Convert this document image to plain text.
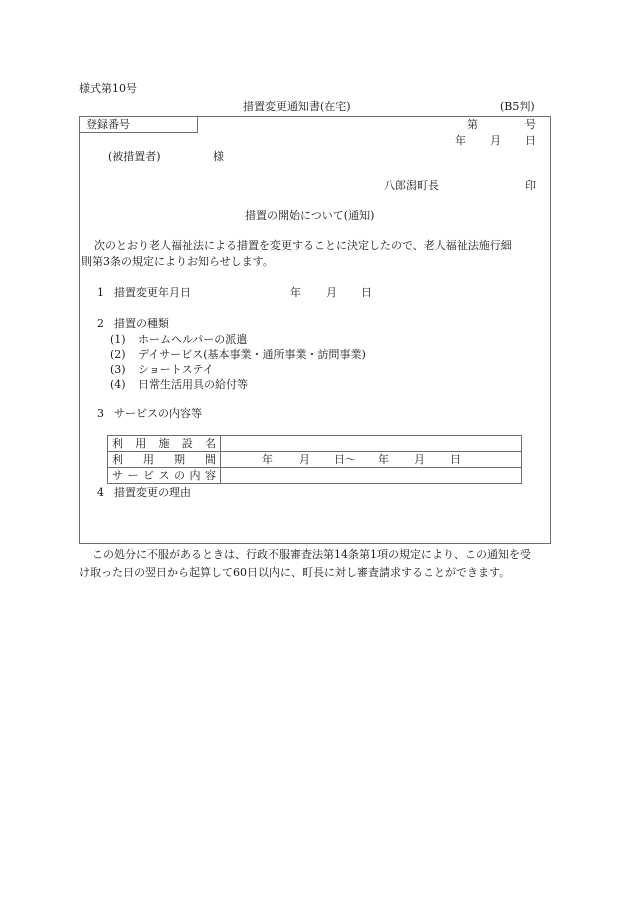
様式第10号
措置変更通知書(在宅)	(B5判)
登録番号	第	号
年 月 日
(被措置者)	様
八郎潟町長	印
措置の開始について(通知)
次のとおり老人福祉法による措置を変更することに決定したので、老人福祉法施行細
則第3条の規定によりお知らせします。
1 措置変更年月日	年 月 日
2 措置の種類
(1) ホームヘルパーの派遣
(2) デイサービス(基本事業・通所事業・訪問事業)
(3) ショートステイ
(4) 日常生活用具の給付等
3 サービスの内容等
利 用 施 設 名	

利 用 期 間	年 月 日〜 年 月 日

サ ー ビ ス の 内 容

4 措置変更の理由
この処分に不服があるときは、行政不服審査法第14条第1項の規定により、この通知を受
け取った日の翌日から起算して60日以内に、町長に対し審査請求することができます。
